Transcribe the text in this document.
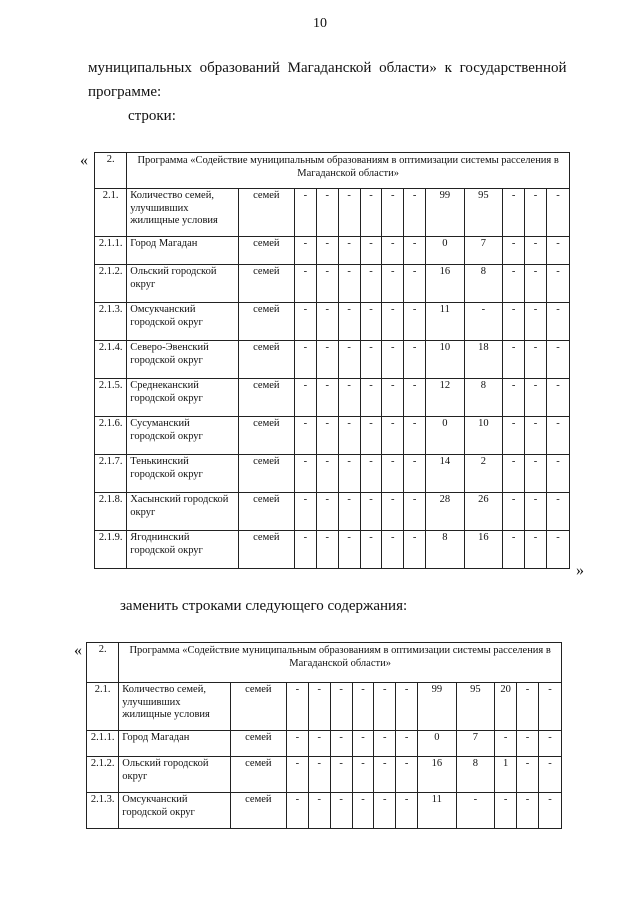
10
муниципальных образований Магаданской области» к государственной
программе:
строки:
«
»
2.	Программа «Содействие муниципальным образованиям в оптимизации системы расселения в Магаданской области»												
2.1.	Количество семей, улучшивших жилищные условия	семей	-	-	-	-	-	-	99	95	-	-	-
2.1.1.	Город Магадан	семей	-	-	-	-	-	-	0	7	-	-	-
2.1.2.	Ольский городской округ	семей	-	-	-	-	-	-	16	8	-	-	-
2.1.3.	Омсукчанский городской округ	семей	-	-	-	-	-	-	11	-	-	-	-
2.1.4.	Северо-Эвенский городской округ	семей	-	-	-	-	-	-	10	18	-	-	-
2.1.5.	Среднеканский городской округ	семей	-	-	-	-	-	-	12	8	-	-	-
2.1.6.	Сусуманский городской округ	семей	-	-	-	-	-	-	0	10	-	-	-
2.1.7.	Тенькинский городской округ	семей	-	-	-	-	-	-	14	2	-	-	-
2.1.8.	Хасынский городской округ	семей	-	-	-	-	-	-	28	26	-	-	-
2.1.9.	Ягоднинский городской округ	семей	-	-	-	-	-	-	8	16	-	-	-
заменить строками следующего содержания:
« 2.	Программа «Содействие муниципальным образованиям в оптимизации системы расселения в Магаданской области»												
2.1.	Количество семей, улучшивших жилищные условия	семей	-	-	-	-	-	-	99	95	20	-	-
2.1.1.	Город Магадан	семей	-	-	-	-	-	-	0	7	-	-	-
2.1.2.	Ольский городской округ	семей	-	-	-	-	-	-	16	8	1	-	-
2.1.3.	Омсукчанский городской округ	семей	-	-	-	-	-	-	11	-	-	-	-
